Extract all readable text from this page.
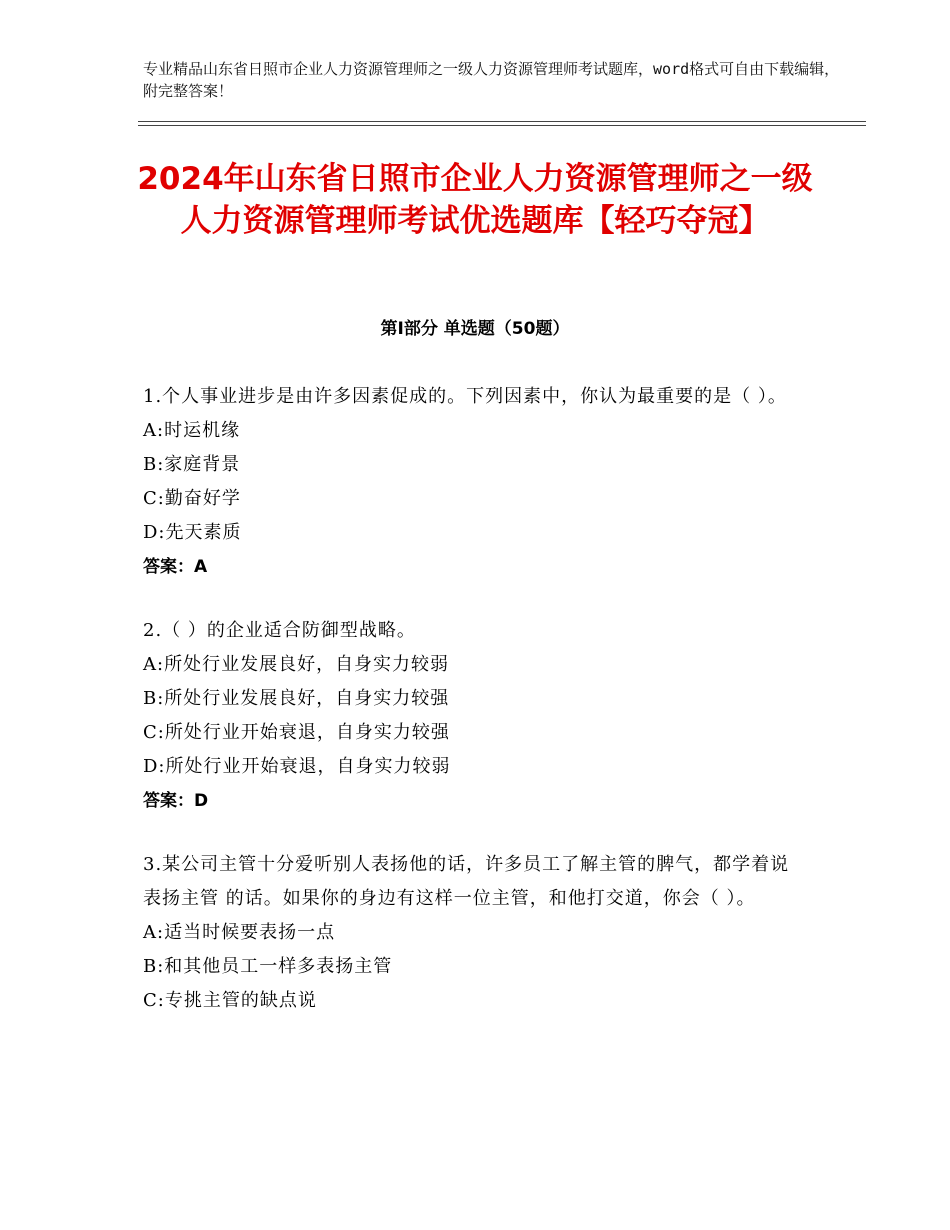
专业精品山东省日照市企业人力资源管理师之一级人力资源管理师考试题库，word格式可自由下载编辑，附完整答案！
2024年山东省日照市企业人力资源管理师之一级人力资源管理师考试优选题库【轻巧夺冠】
第Ⅰ部分 单选题（50题）
1.个人事业进步是由许多因素促成的。下列因素中，你认为最重要的是（ ）。
A:时运机缘
B:家庭背景
C:勤奋好学
D:先天素质
答案：A
2.（ ）的企业适合防御型战略。
A:所处行业发展良好，自身实力较弱
B:所处行业发展良好，自身实力较强
C:所处行业开始衰退，自身实力较强
D:所处行业开始衰退，自身实力较弱
答案：D
3.某公司主管十分爱听别人表扬他的话，许多员工了解主管的脾气，都学着说表扬主管 的话。如果你的身边有这样一位主管，和他打交道，你会（ ）。
A:适当时候要表扬一点
B:和其他员工一样多表扬主管
C:专挑主管的缺点说
